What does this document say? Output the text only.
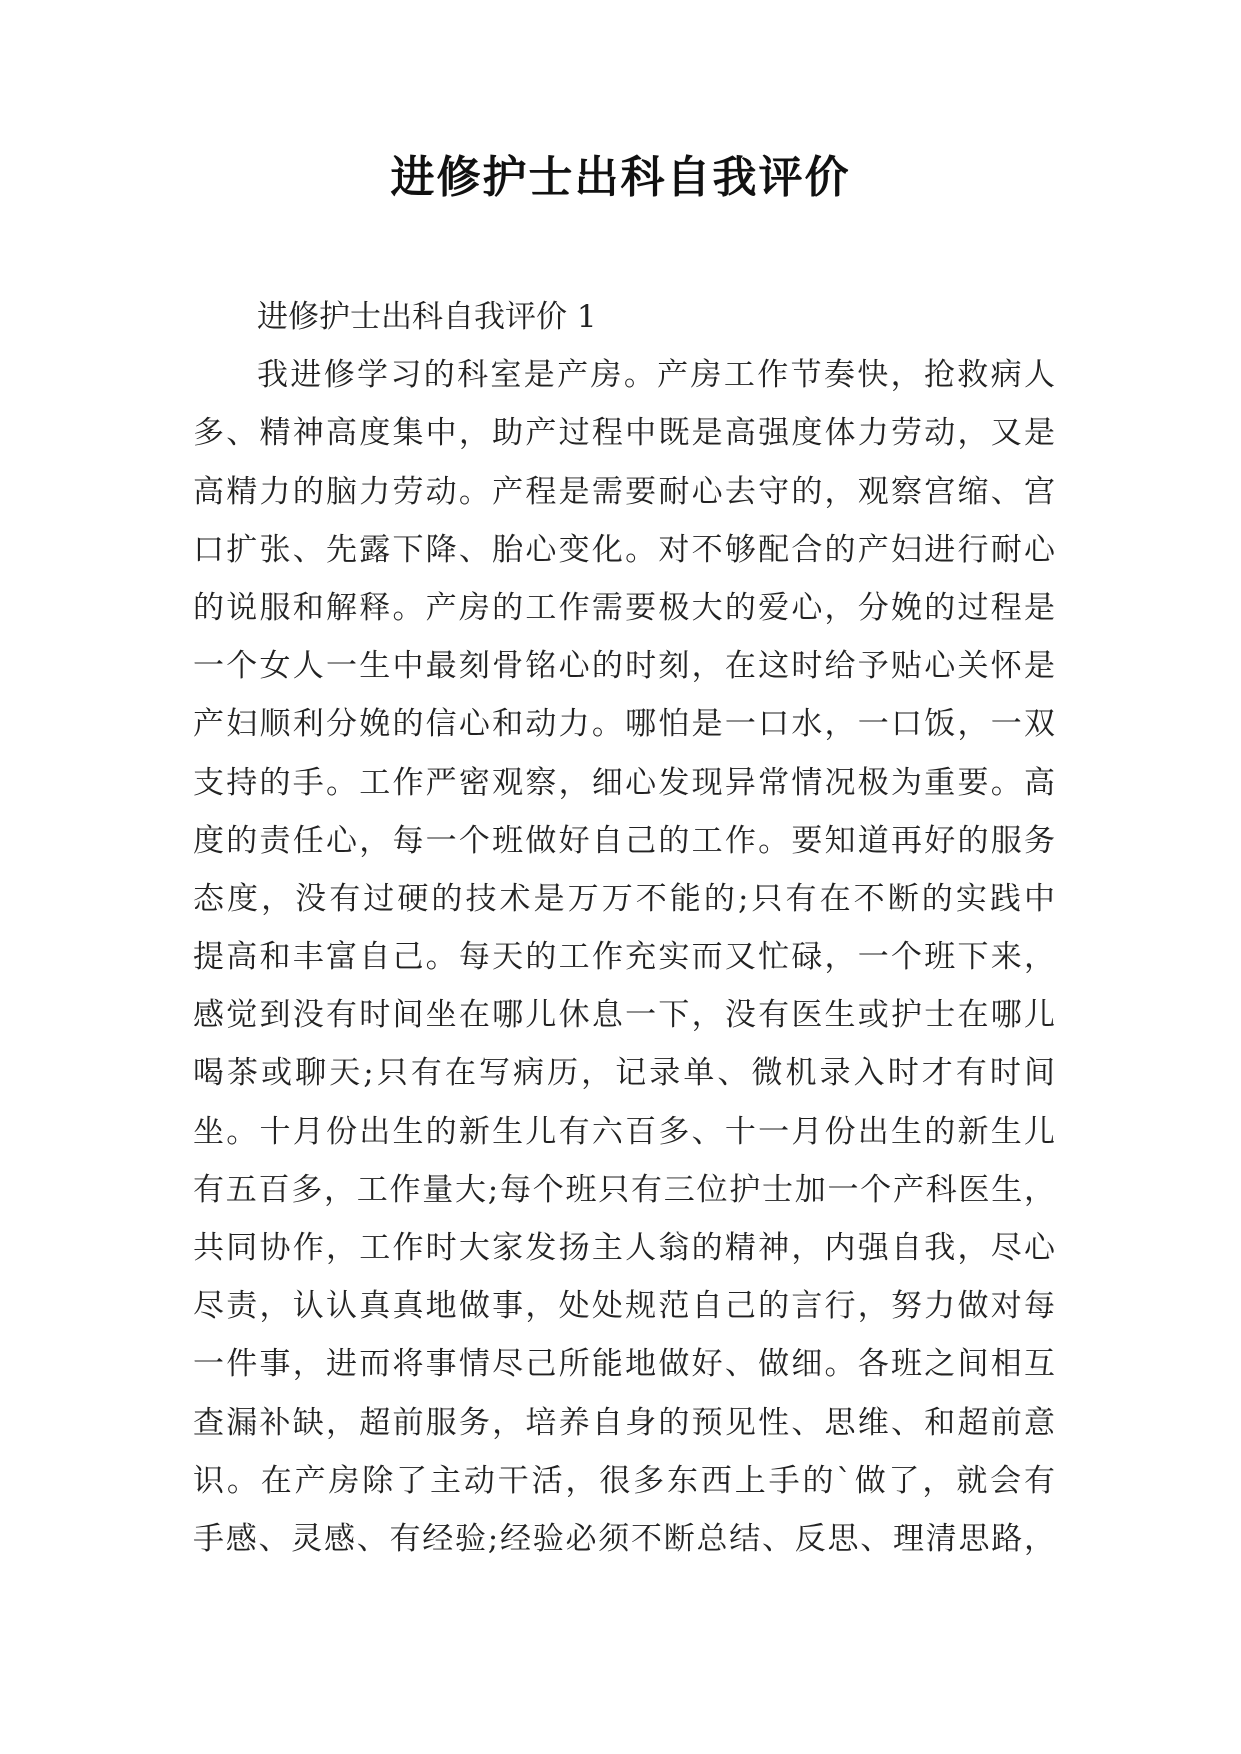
进修护士出科自我评价
进修护士出科自我评价 1
我进修学习的科室是产房。产房工作节奏快，抢救病人
多、精神高度集中，助产过程中既是高强度体力劳动，又是
高精力的脑力劳动。产程是需要耐心去守的，观察宫缩、宫
口扩张、先露下降、胎心变化。对不够配合的产妇进行耐心
的说服和解释。产房的工作需要极大的爱心，分娩的过程是
一个女人一生中最刻骨铭心的时刻，在这时给予贴心关怀是
产妇顺利分娩的信心和动力。哪怕是一口水，一口饭，一双
支持的手。工作严密观察，细心发现异常情况极为重要。高
度的责任心，每一个班做好自己的工作。要知道再好的服务
态度，没有过硬的技术是万万不能的;只有在不断的实践中
提高和丰富自己。每天的工作充实而又忙碌，一个班下来，
感觉到没有时间坐在哪儿休息一下，没有医生或护士在哪儿
喝茶或聊天;只有在写病历，记录单、微机录入时才有时间
坐。十月份出生的新生儿有六百多、十一月份出生的新生儿
有五百多，工作量大;每个班只有三位护士加一个产科医生，
共同协作，工作时大家发扬主人翁的精神，内强自我，尽心
尽责，认认真真地做事，处处规范自己的言行，努力做对每
一件事，进而将事情尽己所能地做好、做细。各班之间相互
查漏补缺，超前服务，培养自身的预见性、思维、和超前意
识。在产房除了主动干活，很多东西上手的`做了，就会有
手感、灵感、有经验;经验必须不断总结、反思、理清思路，
